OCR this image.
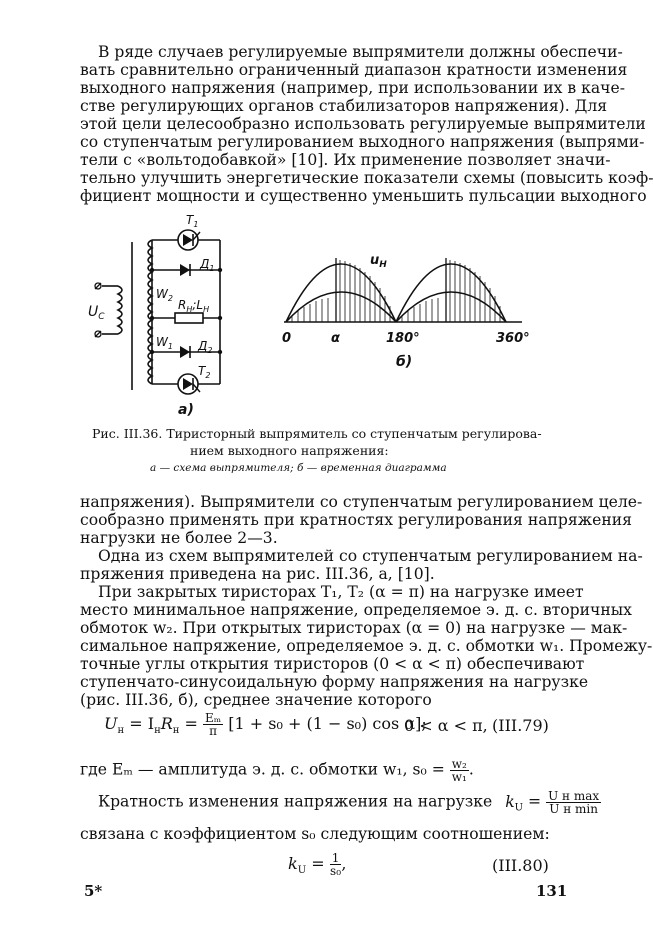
В ряде случаев регулируемые выпрямители должны обеспечи-
вать сравнительно ограниченный диапазон кратности изменения
выходного напряжения (например, при использовании их в каче-
стве регулирующих органов стабилизаторов напряжения). Для
этой цели целесообразно использовать регулируемые выпрямители
со ступенчатым регулированием выходного напряжения (выпрями-
тели с «вольтодобавкой» [10]. Их применение позволяет значи-
тельно улучшить энергетические показатели схемы (повысить коэф-
фициент мощности и существенно уменьшить пульсации выходного
$T_1$
$Д_1$
$W_2$ $R_Н;L_Н$
$W_1$ $Д_2$
$T_2$
$U_С$
а)
$u_Н$
0	α	180°	360°
б)
Рис. III.36. Тиристорный выпрямитель со ступенчатым регулирова-
нием выходного напряжения:
а — схема выпрямителя; б — временная диаграмма
напряжения). Выпрямители со ступенчатым регулированием целе-
сообразно применять при кратностях регулирования напряжения
нагрузки не более 2—3.
Одна из схем выпрямителей со ступенчатым регулированием на-
пряжения приведена на рис. III.36, а, [10].
При закрытых тиристорах T₁, T₂ (α = π) на нагрузке имеет
место минимальное напряжение, определяемое э. д. с. вторичных
обмоток w₂. При открытых тиристорах (α = 0) на нагрузке — мак-
симальное напряжение, определяемое э. д. с. обмотки w₁. Промежу-
точные углы открытия тиристоров (0 < α < π) обеспечивают
ступенчато-синусоидальную форму напряжения на нагрузке
(рис. III.36, б), среднее значение которого
$U_н = I_нR_н = \frac{\text{Eₘ}}{\pi} [1 + s_0 + (1 - s_0)$ cos α];
0 < α < π, (III.79)
где Eₘ — амплитуда э. д. с. обмотки w₁, $s_0 = \frac{\text{w₂}}{\text{w₁}}$ .
Кратность изменения напряжения на нагрузке $k_U = \frac{\text{U н max}}{\text{U н min}}$
связана с коэффициентом s₀ следующим соотношением:
$k_U = \frac{1}{\text{s₀}}$ ,	(III.80)
5*	131
